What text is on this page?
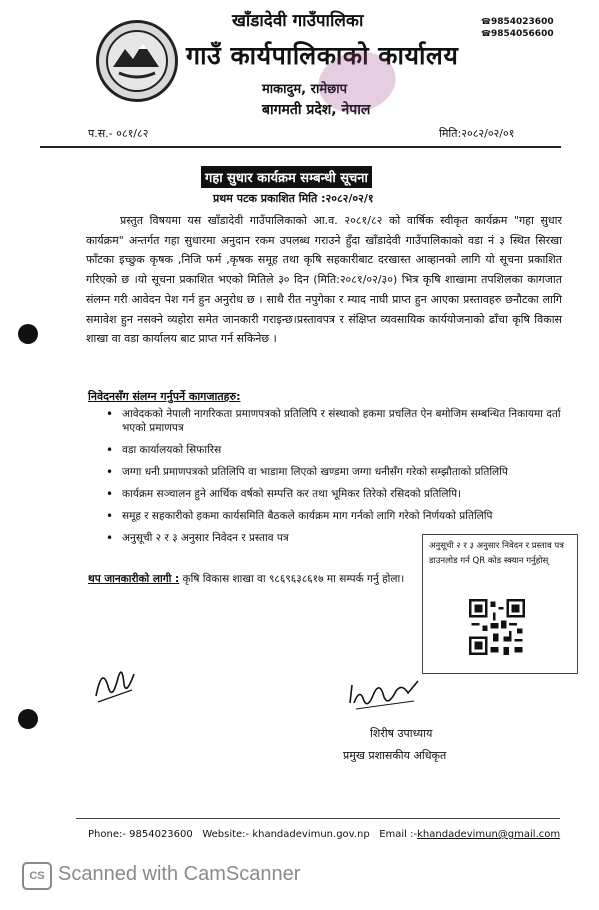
खाँडादेवी गाउँपालिका
गाउँ कार्यपालिकाको कार्यालय
माकादुम, रामेछाप
बागमती प्रदेश, नेपाल
☎ 9854023600
☎ 9854056600
प.स.- ०८१/८२	मिति:२०८२/०२/०१
गहा सुधार कार्यक्रम सम्बन्धी सूचना
प्रथम पटक प्रकाशित मिति :२०८२/०२/१

प्रस्तुत विषयमा यस खाँडादेवी गाउँपालिकाको आ.व. २०८१/८२ को वार्षिक स्वीकृत कार्यक्रम "गहा सुधार कार्यक्रम" अन्तर्गत गहा सुधारमा अनुदान रकम उपलब्ध गराउने हुँदा खाँडादेवी गाउँपालिकाको वडा नं ३ स्थित सिरखा फाँटका इच्छुक कृषक ,निजि फर्म ,कृषक समूह तथा कृषि सहकारीबाट दरखास्त आव्हानको लागि यो सूचना प्रकाशित गरिएको छ ।यो सूचना प्रकाशित भएको मितिले ३० दिन (मिति:२०८१/०२/३०) भित्र कृषि शाखामा तपशिलका कागजात संलग्न गरी आवेदन पेश गर्न हुन अनुरोध छ । साथै रीत नपुगेका र म्याद नाघी प्राप्त हुन आएका प्रस्तावहरु छनौटका लागि समावेश हुन नसक्ने व्यहोरा समेत जानकारी गराइन्छ।प्रस्तावपत्र र संक्षिप्त व्यवसायिक कार्ययोजनाको ढाँचा कृषि विकास शाखा वा वडा कार्यालय बाट प्राप्त गर्न सकिनेछ ।

निवेदनसँग संलग्न गर्नुपर्ने कागजातहरु:
• आवेदकको नेपाली नागरिकता प्रमाणपत्रको प्रतिलिपि र संस्थाको हकमा प्रचलित ऐन बमोजिम सम्बन्धित निकायमा दर्ता भएको प्रमाणपत्र
• वडा कार्यालयको सिफारिस
• जग्गा धनी प्रमाणपत्रको प्रतिलिपि वा भाडामा लिएको खण्डमा जग्गा धनीसँग गरेको सम्झौताको प्रतिलिपि
• कार्यक्रम सञ्चालन हुने आर्थिक वर्षको सम्पत्ति कर तथा भूमिकर तिरेको रसिदको प्रतिलिपि।
• समूह र सहकारीको हकमा कार्यसमिति बैठकले कार्यक्रम माग गर्नको लागि गरेको निर्णयको प्रतिलिपि
• अनुसूची २ र ३ अनुसार निवेदन र प्रस्ताव पत्र
अनुसूची २ र ३ अनुसार निवेदन र प्रस्ताव पत्र डाउनलोड गर्न QR कोड स्क्यान गर्नुहोस्
थप जानकारीको लागी : कृषि विकास शाखा वा ९८६९६३८६१७ मा सम्पर्क गर्नु होला।
शिरीष उपाध्याय
प्रमुख प्रशासकीय अधिकृत
Phone:- 9854023600 Website:- khandadevimun.gov.np Email :-khandadevimun@gmail.com
CS Scanned with CamScanner
